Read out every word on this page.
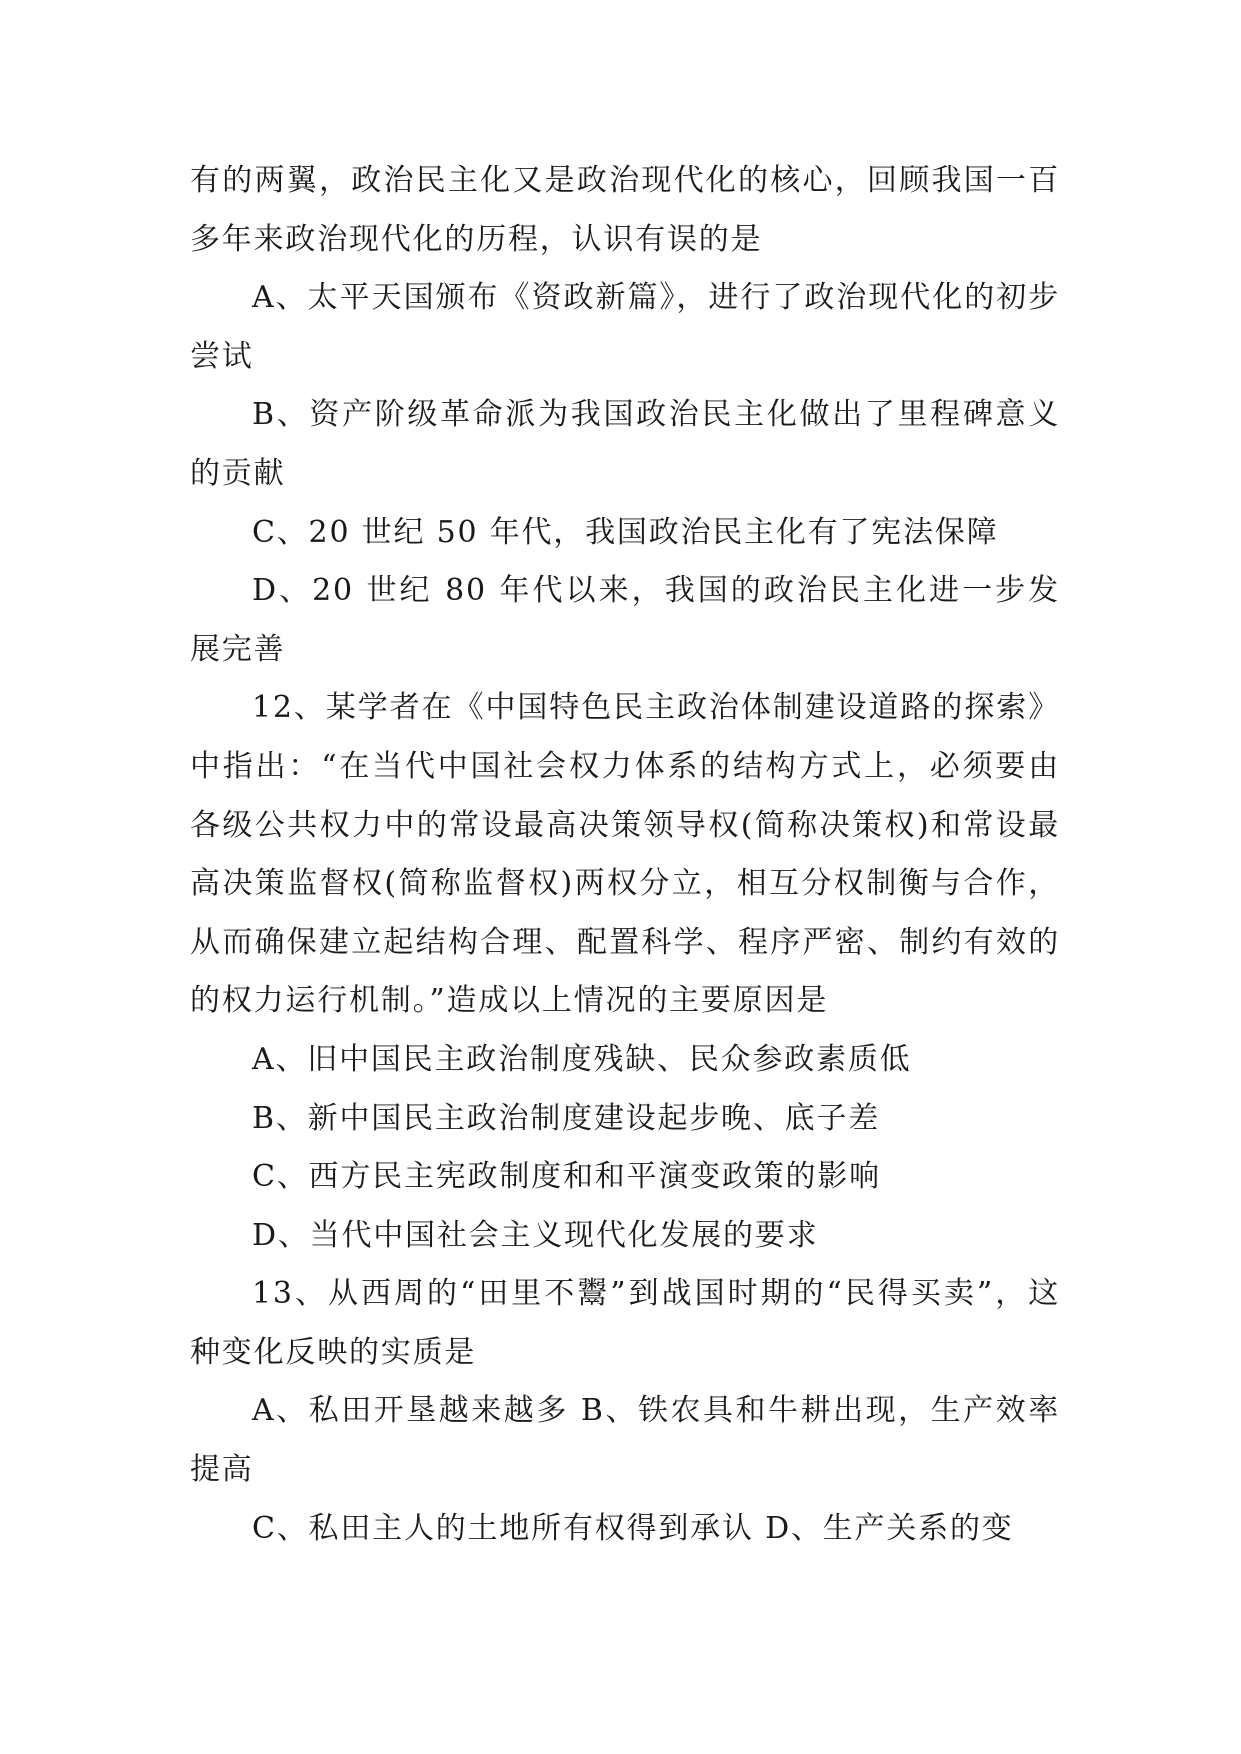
有的两翼，政治民主化又是政治现代化的核心，回顾我国一百多年来政治现代化的历程，认识有误的是

A、太平天国颁布《资政新篇》，进行了政治现代化的初步尝试

B、资产阶级革命派为我国政治民主化做出了里程碑意义的贡献

C、20 世纪 50 年代，我国政治民主化有了宪法保障

D、20 世纪 80 年代以来，我国的政治民主化进一步发展完善

12、某学者在《中国特色民主政治体制建设道路的探索》中指出：“在当代中国社会权力体系的结构方式上，必须要由各级公共权力中的常设最高决策领导权(简称决策权)和常设最高决策监督权(简称监督权)两权分立，相互分权制衡与合作，从而确保建立起结构合理、配置科学、程序严密、制约有效的的权力运行机制。”造成以上情况的主要原因是

A、旧中国民主政治制度残缺、民众参政素质低

B、新中国民主政治制度建设起步晚、底子差

C、西方民主宪政制度和和平演变政策的影响

D、当代中国社会主义现代化发展的要求

13、从西周的“田里不鬻”到战国时期的“民得买卖”，这种变化反映的实质是

A、私田开垦越来越多 B、铁农具和牛耕出现，生产效率提高

C、私田主人的土地所有权得到承认 D、生产关系的变
